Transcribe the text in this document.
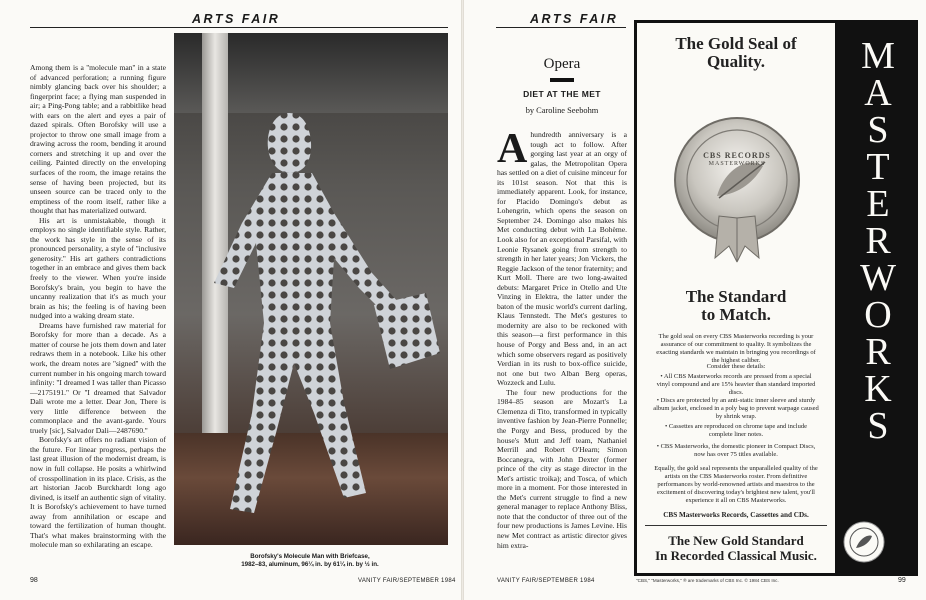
ARTS FAIR

Among them is a ''molecule man'' in a state of advanced perforation; a running figure nimbly glancing back over his shoulder; a fingerprint face; a flying man suspended in air; a Ping-Pong table; and a rabbitlike head with ears on the alert and eyes a pair of dazed spirals. Often Borofsky will use a projector to throw one small image from a drawing across the room, bending it around corners and stretching it up and over the ceiling. Painted directly on the enveloping surfaces of the room, the image retains the sense of having been projected, but its unseen source can be traced only to the emptiness of the room itself, rather like a thought that has materialized outward.

His art is unmistakable, though it employs no single identifiable style. Rather, the work has style in the sense of its pronounced personality, a style of ''inclusive generosity.'' His art gathers contradictions together in an embrace and gives them back freely to the viewer. When you're inside Borofsky's brain, you begin to have the uncanny realization that it's as much your brain as his; the feeling is of having been nudged into a waking dream state.

Dreams have furnished raw material for Borofsky for more than a decade. As a matter of course he jots them down and later redraws them in a notebook. Like his other work, the dream notes are ''signed'' with the current number in his ongoing march toward infinity: ''I dreamed I was taller than Picasso—2175191.'' Or ''I dreamed that Salvador Dali wrote me a letter. Dear Jon, There is very little difference between the commonplace and the avant-garde. Yours truely [sic], Salvador Dali—2487690.''

Borofsky's art offers no radiant vision of the future. For linear progress, perhaps the last great illusion of the modernist dream, is now in full collapse. He posits a whirlwind of crosspollination in its place. Crisis, as the art historian Jacob Burckhardt long ago divined, is itself an authentic sign of vitality. It is Borofsky's achievement to have turned away from annihilation or escape and toward the fertilization of human thought. That's what makes brainstorming with the molecule man so exhilarating an escape.

Borofsky's Molecule Man with Briefcase,
1982–83, aluminum, 96¼ in. by 61¼ in. by ½ in.
98	VANITY FAIR/SEPTEMBER 1984
ARTS FAIR
Opera
DIET AT THE MET
by Caroline Seebohm

Ahundredth anniversary is a tough act to follow. After gorging last year at an orgy of galas, the Metropolitan Opera has settled on a diet of cuisine minceur for its 101st season. Not that this is immediately apparent. Look, for instance, for Placido Domingo's debut as Lohengrin, which opens the season on September 24. Domingo also makes his Met conducting debut with La Bohème. Look also for an exceptional Parsifal, with Leonie Rysanek going from strength to strength in her later years; Jon Vickers, the Reggie Jackson of the tenor fraternity; and Kurt Moll. There are two long-awaited debuts: Margaret Price in Otello and Ute Vinzing in Elektra, the latter under the baton of the music world's current darling, Klaus Tennstedt. The Met's gestures to modernity are also to be reckoned with this season—a first performance in this house of Porgy and Bess and, in an act which some observers regard as positively Verdian in its rush to box-office suicide, not one but two Alban Berg operas, Wozzeck and Lulu.

The four new productions for the 1984–85 season are Mozart's La Clemenza di Tito, transformed in typically inventive fashion by Jean-Pierre Ponnelle; the Porgy and Bess, produced by the house's Mutt and Jeff team, Nathaniel Merrill and Robert O'Hearn; Simon Boccanegra, with John Dexter (former prince of the city as stage director in the Met's artistic troika); and Tosca, of which more in a moment. For those interested in the Met's current struggle to find a new general manager to replace Anthony Bliss, note that the conductor of three out of the four new productions is James Levine. His new Met contract as artistic director gives him extra-

VANITY FAIR/SEPTEMBER 1984	99
The Gold Seal of
Quality.
CBS RECORDS
MASTERWORKS
The Standard
to Match.
The gold seal on every CBS Masterworks recording is your assurance of our commitment to quality. It symbolizes the exacting standards we maintain in bringing you recordings of the highest caliber.
Consider these details:
• All CBS Masterworks records are pressed from a special vinyl compound and are 15% heavier than standard imported discs.
• Discs are protected by an anti-static inner sleeve and sturdy album jacket, enclosed in a poly bag to prevent warpage caused by shrink wrap.
• Cassettes are reproduced on chrome tape and include complete liner notes.
• CBS Masterworks, the domestic pioneer in Compact Discs, now has over 75 titles available.
Equally, the gold seal represents the unparalleled quality of the artists on the CBS Masterworks roster. From definitive performances by world-renowned artists and maestros to the excitement of discovering today's brightest new talent, you'll experience it all on CBS Masterworks.
CBS Masterworks Records, Cassettes and CDs.
The New Gold Standard
In Recorded Classical Music.
M
A
S
T
E
R
W
O
R
K
S
"CBS," "Masterworks," ® are trademarks of CBS Inc. © 1984 CBS Inc.
